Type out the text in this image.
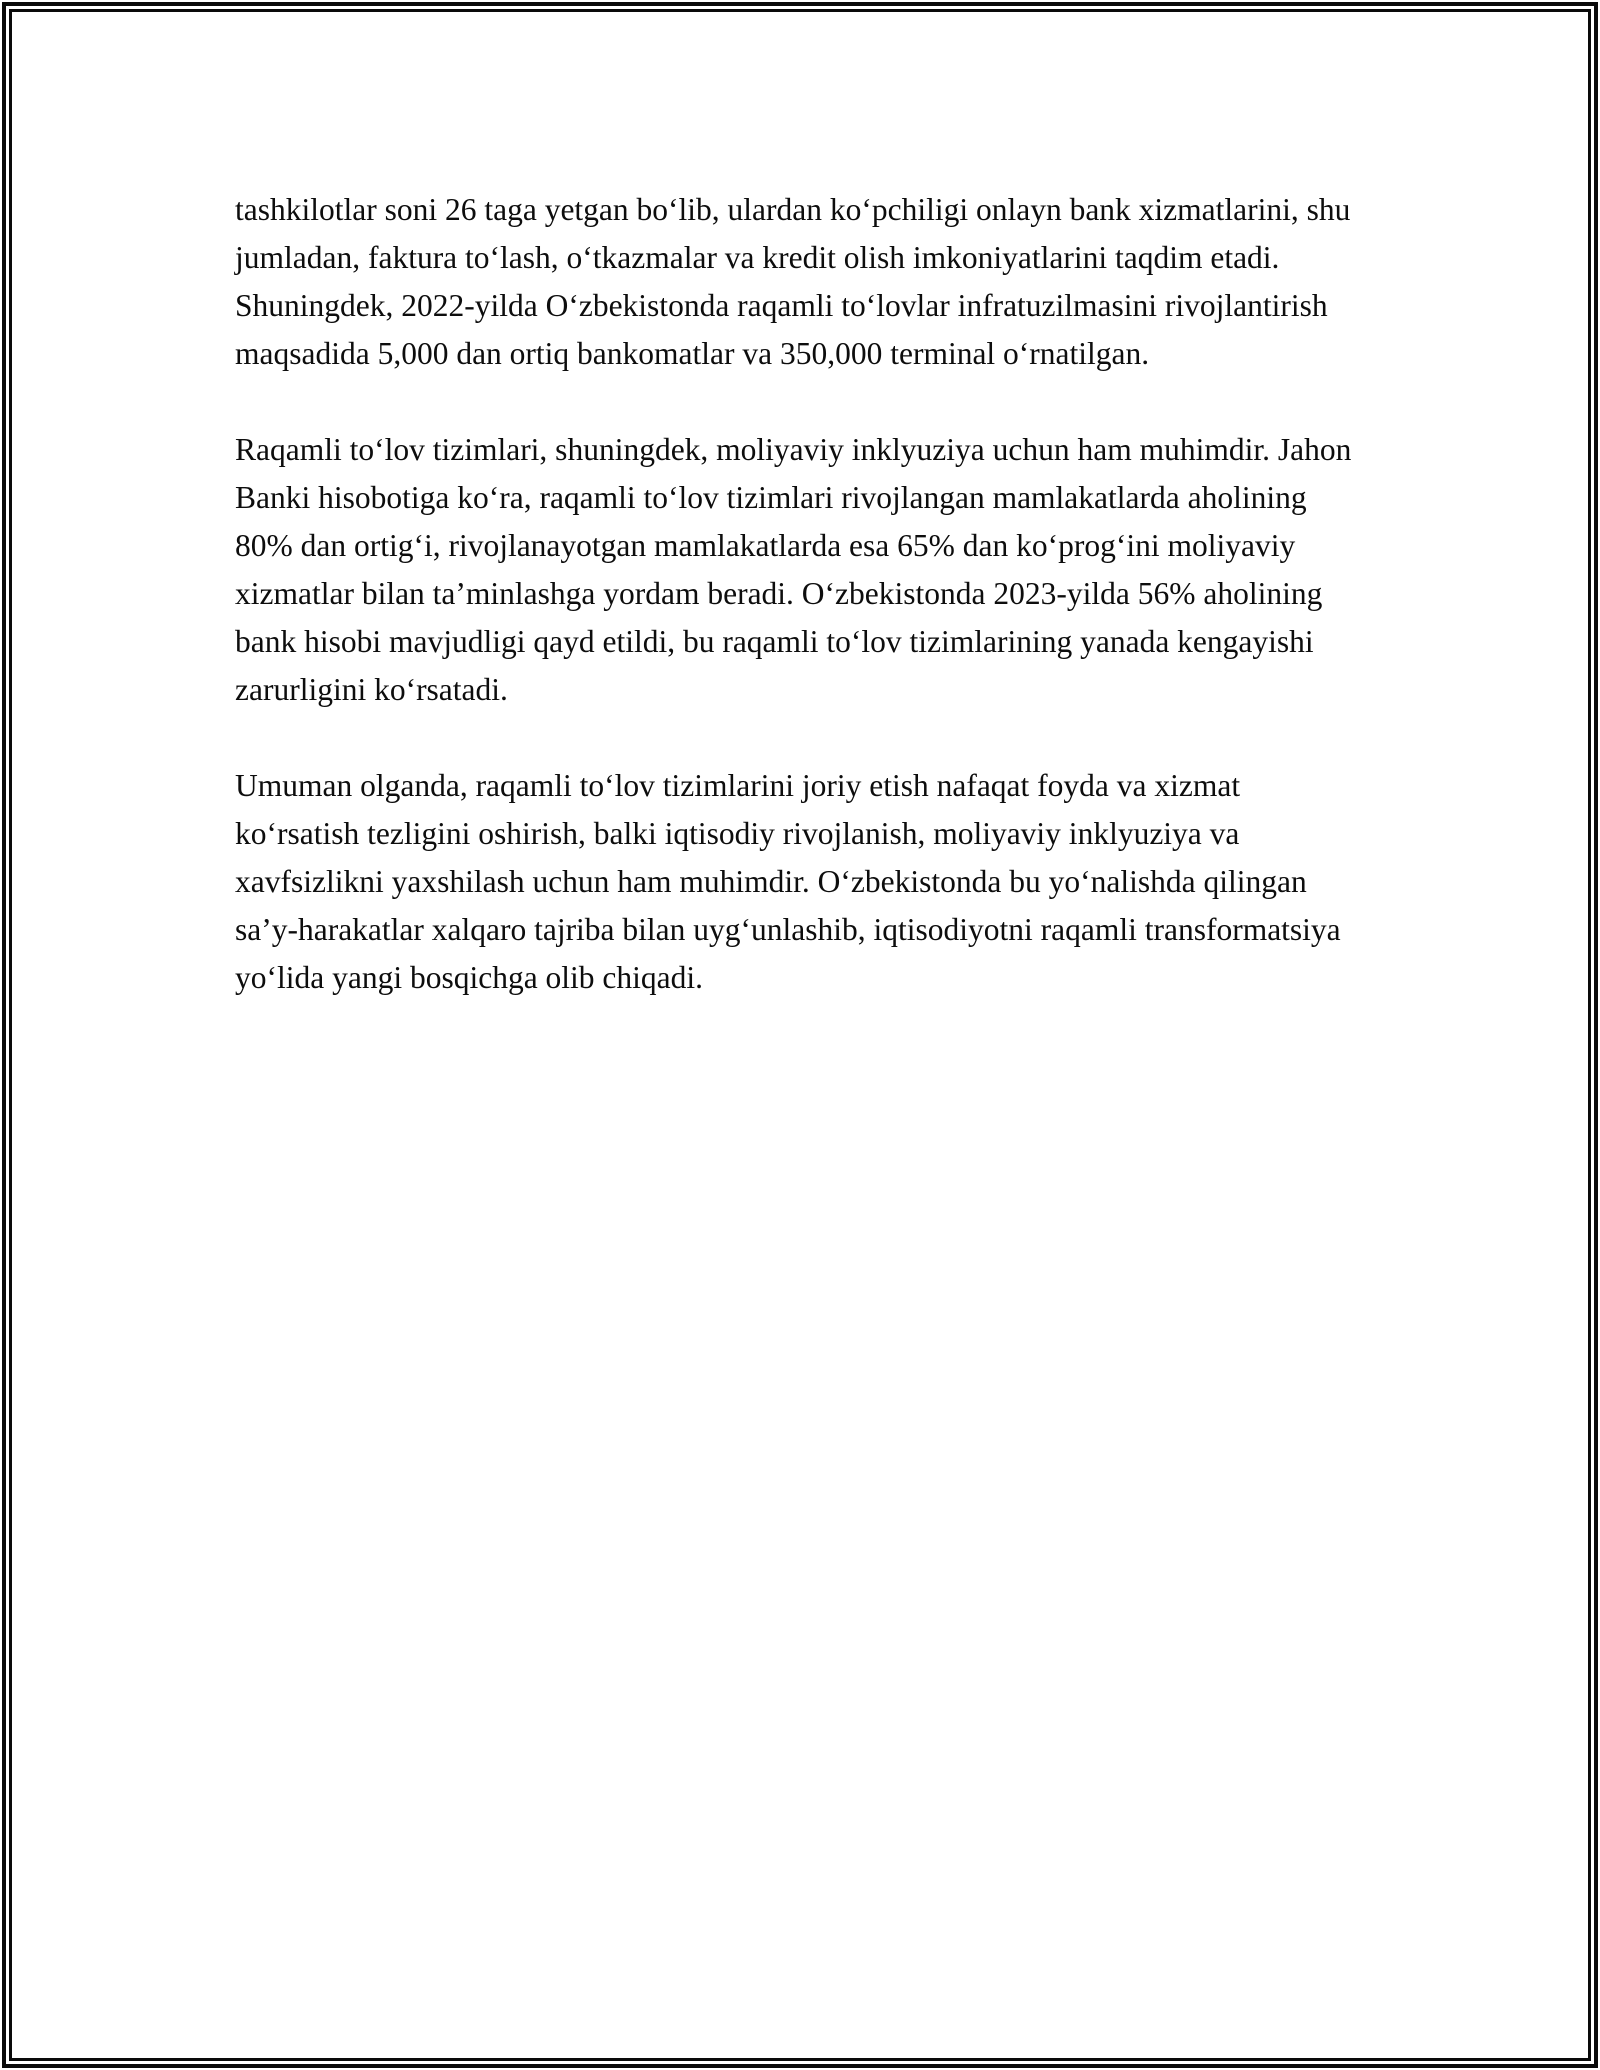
tashkilotlar soni 26 taga yetgan boʻlib, ulardan koʻpchiligi onlayn bank xizmatlarini, shu jumladan, faktura toʻlash, oʻtkazmalar va kredit olish imkoniyatlarini taqdim etadi. Shuningdek, 2022-yilda Oʻzbekistonda raqamli toʻlovlar infratuzilmasini rivojlantirish maqsadida 5,000 dan ortiq bankomatlar va 350,000 terminal oʻrnatilgan.

Raqamli toʻlov tizimlari, shuningdek, moliyaviy inklyuziya uchun ham muhimdir. Jahon Banki hisobotiga koʻra, raqamli toʻlov tizimlari rivojlangan mamlakatlarda aholining 80% dan ortigʻi, rivojlanayotgan mamlakatlarda esa 65% dan koʻprogʻini moliyaviy xizmatlar bilan ta’minlashga yordam beradi. Oʻzbekistonda 2023-yilda 56% aholining bank hisobi mavjudligi qayd etildi, bu raqamli toʻlov tizimlarining yanada kengayishi zarurligini koʻrsatadi.

Umuman olganda, raqamli toʻlov tizimlarini joriy etish nafaqat foyda va xizmat koʻrsatish tezligini oshirish, balki iqtisodiy rivojlanish, moliyaviy inklyuziya va xavfsizlikni yaxshilash uchun ham muhimdir. Oʻzbekistonda bu yoʻnalishda qilingan sa’y-harakatlar xalqaro tajriba bilan uygʻunlashib, iqtisodiyotni raqamli transformatsiya yoʻlida yangi bosqichga olib chiqadi.
